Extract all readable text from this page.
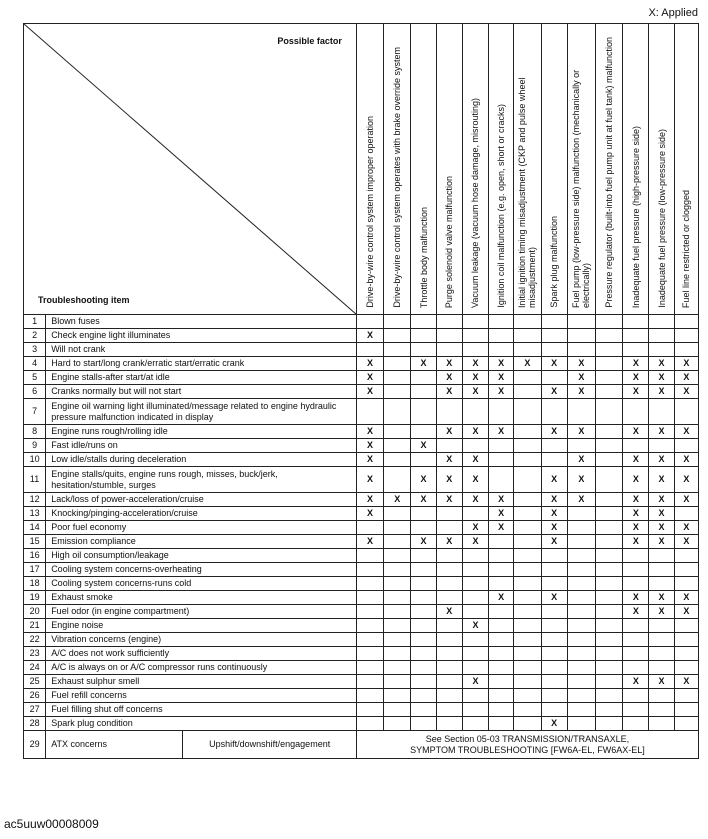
X: Applied
Possible factor
Troubleshooting item			Drive-by-wire control system improper operation	Drive-by-wire control system operates with brake override system	Throttle body malfunction	Purge solenoid valve malfunction	Vacuum leakage (vacuum hose damage, misrouting)	Ignition coil malfunction (e.g. open, short or cracks)	Initial ignition timing misadjustment (CKP and pulse wheel misadjustment)	Spark plug malfunction	Fuel pump (low-pressure side) malfunction (mechanically or electrically)	Pressure regulator (built-into fuel pump unit at fuel tank) malfunction	Inadequate fuel pressure (high-pressure side)	Inadequate fuel pressure (low-pressure side)	Fuel line restricted or clogged

1	Blown fuses														
2	Check engine light illuminates		X												
3	Will not crank														
4	Hard to start/long crank/erratic start/erratic crank		X		X	X	X	X	X	X	X		X	X	X
5	Engine stalls-after start/at idle		X			X	X	X			X		X	X	X
6	Cranks normally but will not start		X			X	X	X		X	X		X	X	X
7	Engine oil warning light illuminated/message related to engine hydraulic pressure malfunction indicated in display														
8	Engine runs rough/rolling idle		X			X	X	X		X	X		X	X	X
9	Fast idle/runs on		X		X										
10	Low idle/stalls during deceleration		X			X	X				X		X	X	X
11	Engine stalls/quits, engine runs rough, misses, buck/jerk, hesitation/stumble, surges		X		X	X	X			X	X		X	X	X
12	Lack/loss of power-acceleration/cruise		X	X	X	X	X	X		X	X		X	X	X
13	Knocking/pinging-acceleration/cruise		X					X		X			X	X	
14	Poor fuel economy						X	X		X			X	X	X
15	Emission compliance		X		X	X	X			X			X	X	X
16	High oil consumption/leakage														
17	Cooling system concerns-overheating														
18	Cooling system concerns-runs cold														
19	Exhaust smoke							X		X			X	X	X
20	Fuel odor (in engine compartment)					X							X	X	X
21	Engine noise						X								
22	Vibration concerns (engine)														
23	A/C does not work sufficiently														
24	A/C is always on or A/C compressor runs continuously														
25	Exhaust sulphur smell						X						X	X	X
26	Fuel refill concerns														
27	Fuel filling shut off concerns														
28	Spark plug condition									X					
29	ATX concerns	Upshift/downshift/engagement	See Section 05-03 TRANSMISSION/TRANSAXLE,
SYMPTOM TROUBLESHOOTING [FW6A-EL, FW6AX-EL]												
ac5uuw00008009
